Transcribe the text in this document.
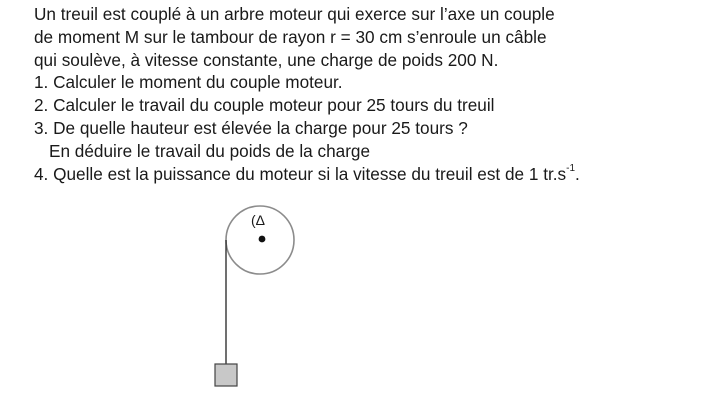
Un treuil est couplé à un arbre moteur qui exerce sur l’axe un couple

de moment M sur le tambour de rayon r = 30 cm s’enroule un câble

qui soulève, à vitesse constante, une charge de poids 200 N.

1. Calculer le moment du couple moteur.

2. Calculer le travail du couple moteur pour 25 tours du treuil

3. De quelle hauteur est élevée la charge pour 25 tours ?

En déduire le travail du poids de la charge

4. Quelle est la puissance du moteur si la vitesse du treuil est de 1 $tr.s^{-1}$.

(Δ
